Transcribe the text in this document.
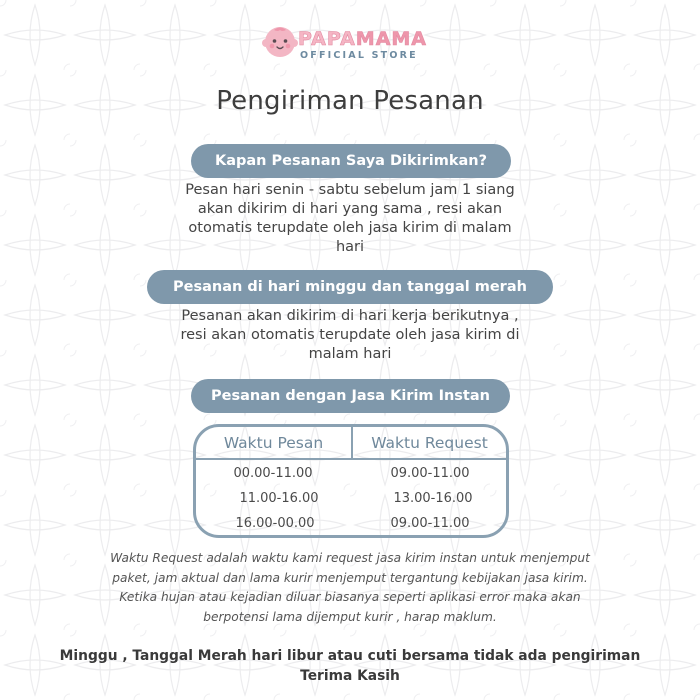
PAPAMAMA
OFFICIAL STORE
Pengiriman Pesanan
Kapan Pesanan Saya Dikirimkan?
Pesan hari senin - sabtu sebelum jam 1 siang
akan dikirim di hari yang sama , resi akan
otomatis terupdate oleh jasa kirim di malam
hari
Pesanan di hari minggu dan tanggal merah
Pesanan akan dikirim di hari kerja berikutnya ,
resi akan otomatis terupdate oleh jasa kirim di
malam hari
Pesanan dengan Jasa Kirim Instan
Waktu Pesan	Waktu Request
00.00-11.00	09.00-11.00
11.00-16.00	13.00-16.00
16.00-00.00	09.00-11.00
Waktu Request adalah waktu kami request jasa kirim instan untuk menjemput
paket, jam aktual dan lama kurir menjemput tergantung kebijakan jasa kirim.
Ketika hujan atau kejadian diluar biasanya seperti aplikasi error maka akan
berpotensi lama dijemput kurir , harap maklum.
Minggu , Tanggal Merah hari libur atau cuti bersama tidak ada pengiriman
Terima Kasih
